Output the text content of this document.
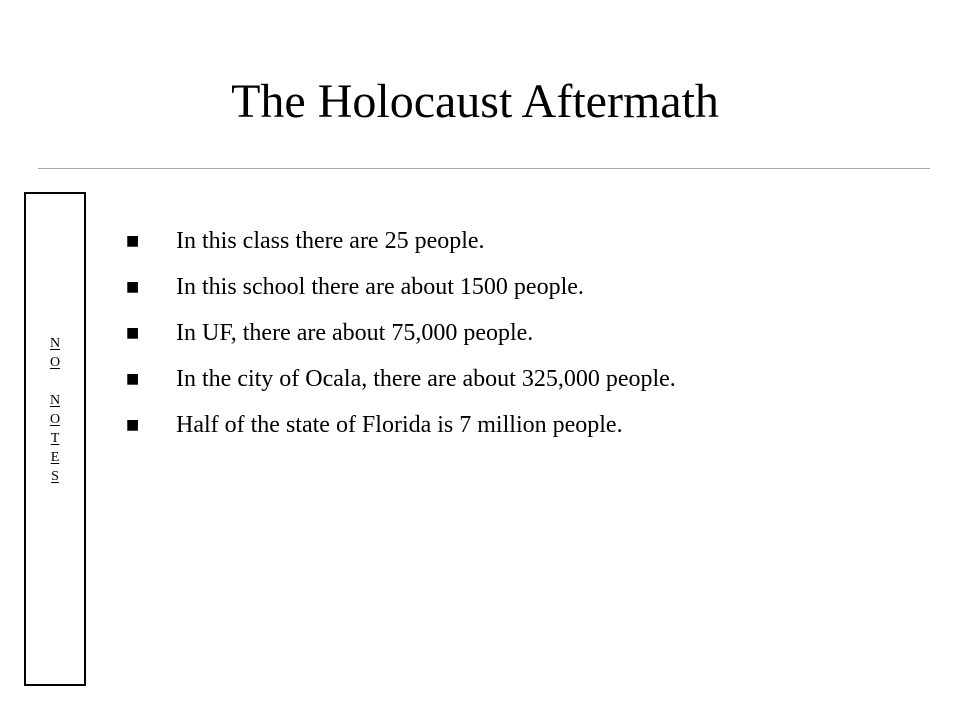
The Holocaust Aftermath
N
O
N
O
T
E
S
■ In this class there are 25 people.
■ In this school there are about 1500 people.
■ In UF, there are about 75,000 people.
■ In the city of Ocala, there are about 325,000 people.
■ Half of the state of Florida is 7 million people.
